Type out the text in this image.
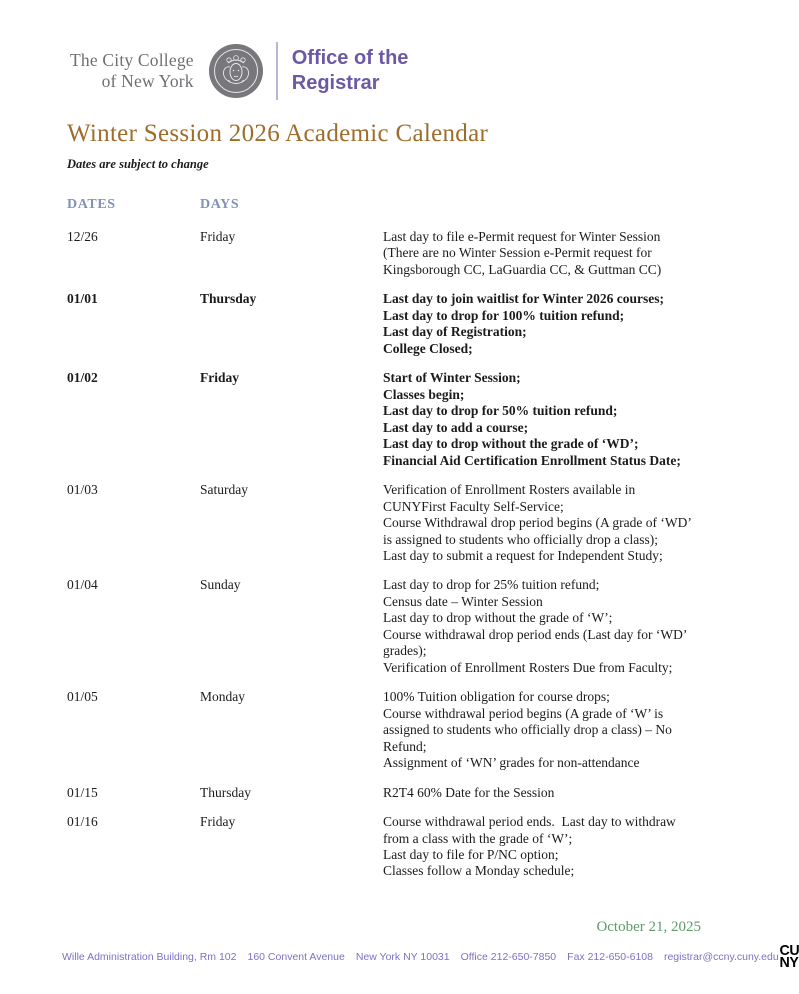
The City College
of New York
Office of the
Registrar
Winter Session 2026 Academic Calendar
Dates are subject to change
DATES	DAYS
12/26	Friday	Last day to file e-Permit request for Winter Session (There are no Winter Session e-Permit request for Kingsborough CC, LaGuardia CC, & Guttman CC)
01/01	Thursday	Last day to join waitlist for Winter 2026 courses;
Last day to drop for 100% tuition refund;
Last day of Registration;
College Closed;
01/02	Friday	Start of Winter Session;
Classes begin;
Last day to drop for 50% tuition refund;
Last day to add a course;
Last day to drop without the grade of ‘WD’;
Financial Aid Certification Enrollment Status Date;
01/03	Saturday	Verification of Enrollment Rosters available in CUNYFirst Faculty Self-Service;
Course Withdrawal drop period begins (A grade of ‘WD’ is assigned to students who officially drop a class);
Last day to submit a request for Independent Study;
01/04	Sunday	Last day to drop for 25% tuition refund;
Census date – Winter Session
Last day to drop without the grade of ‘W’;
Course withdrawal drop period ends (Last day for ‘WD’ grades);
Verification of Enrollment Rosters Due from Faculty;
01/05	Monday	100% Tuition obligation for course drops;
Course withdrawal period begins (A grade of ‘W’ is assigned to students who officially drop a class) – No Refund;
Assignment of ‘WN’ grades for non-attendance
01/15	Thursday	R2T4 60% Date for the Session
01/16	Friday	Course withdrawal period ends.  Last day to withdraw from a class with the grade of ‘W’;
Last day to file for P/NC option;
Classes follow a Monday schedule;
October 21, 2025
Wille Administration Building, Rm 102 160 Convent Avenue New York NY 10031 Office 212-650-7850 Fax 212-650-6108 registrar@ccny.cuny.edu CU
NY
